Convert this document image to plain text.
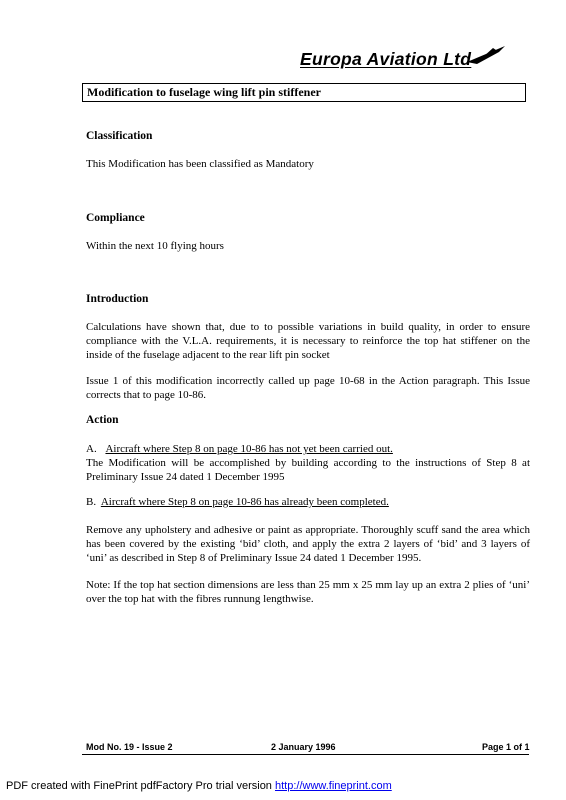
Europa Aviation Ltd
Modification to fuselage wing lift pin stiffener
Classification
This Modification has been classified as Mandatory
Compliance
Within the next 10 flying hours
Introduction
Calculations have shown that, due to to possible variations in build quality, in order to ensure compliance with the V.L.A. requirements, it is necessary to reinforce the top hat stiffener on the inside of the fuselage adjacent to the rear lift pin socket
Issue 1 of this modification incorrectly called up page 10-68 in the Action paragraph. This Issue corrects that to page 10-86.
Action
A. Aircraft where Step 8 on page 10-86 has not yet been carried out.
The Modification will be accomplished by building according to the instructions of Step 8 at Preliminary Issue 24 dated 1 December 1995
B. Aircraft where Step 8 on page 10-86 has already been completed.
Remove any upholstery and adhesive or paint as appropriate. Thoroughly scuff sand the area which has been covered by the existing ‘bid’ cloth, and apply the extra 2 layers of ‘bid’ and 3 layers of ‘uni’ as described in Step 8 of Preliminary Issue 24 dated 1 December 1995.
Note: If the top hat section dimensions are less than 25 mm x 25 mm lay up an extra 2 plies of ‘uni’ over the top hat with the fibres runnung lengthwise.
Mod No. 19 - Issue 2	2 January 1996	Page 1 of 1
PDF created with FinePrint pdfFactory Pro trial version http://www.fineprint.com
